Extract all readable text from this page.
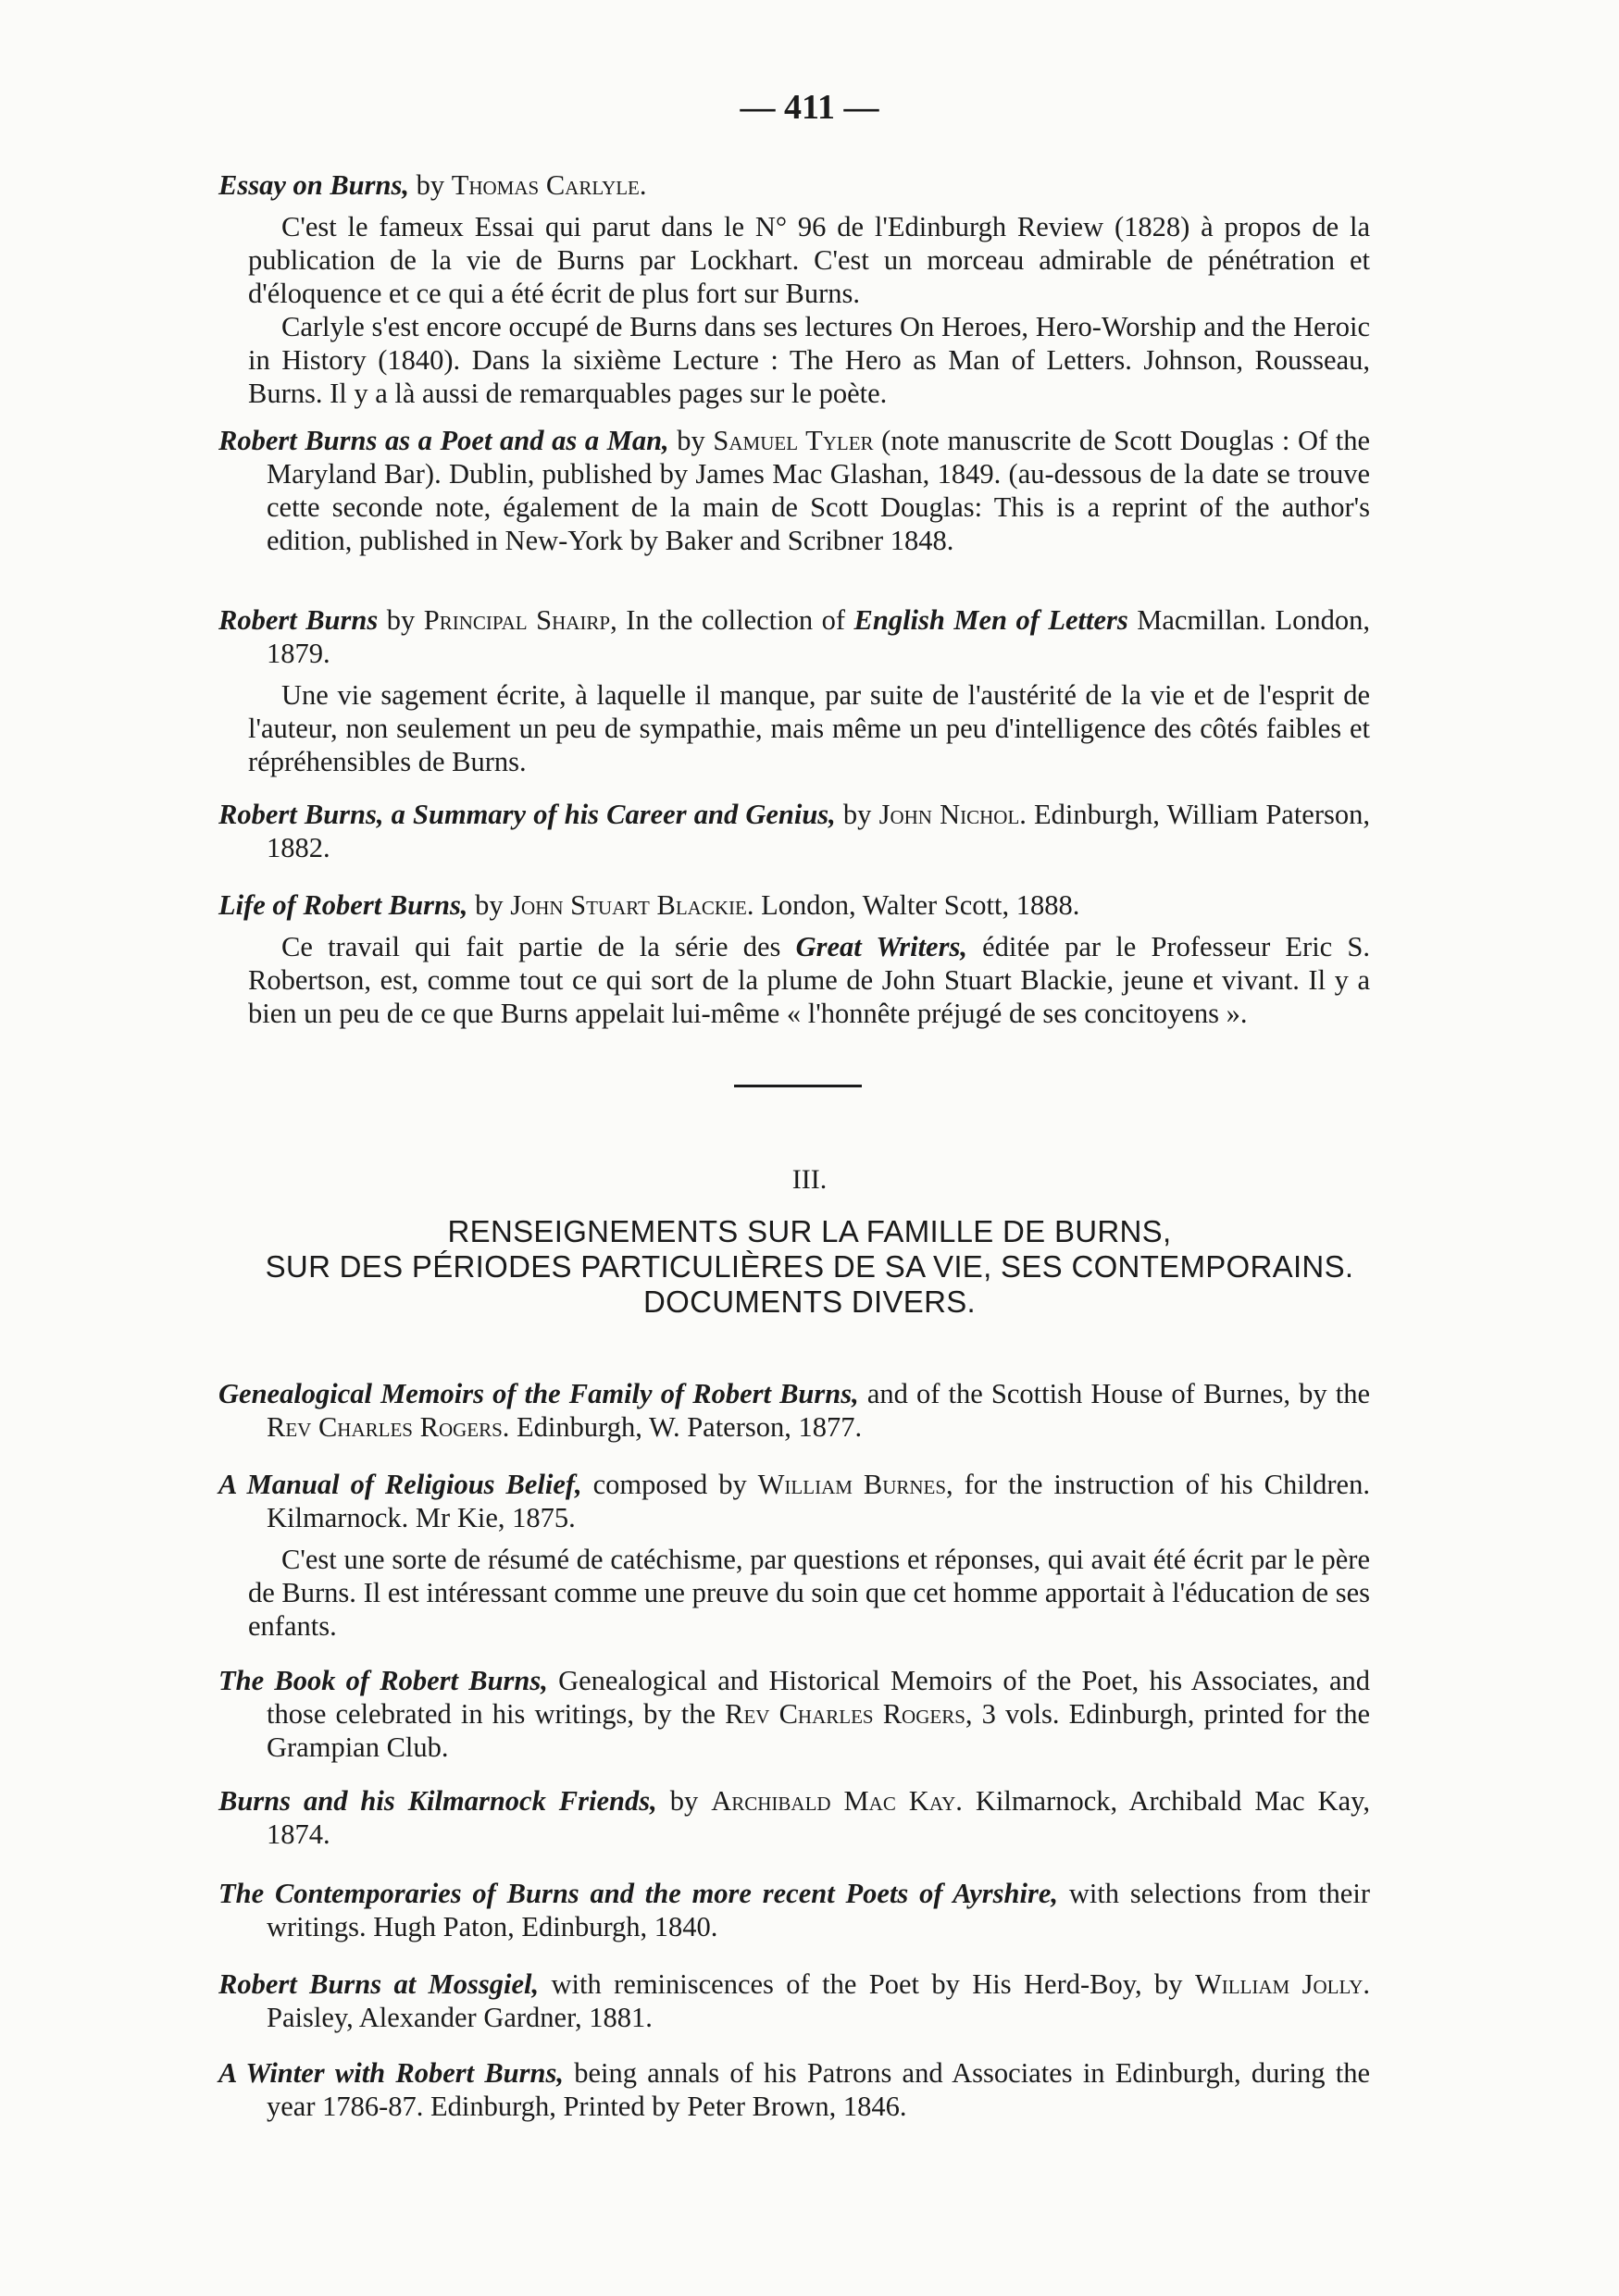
— 411 —

Essay on Burns, by Thomas Carlyle.

C'est le fameux Essai qui parut dans le N° 96 de l'Edinburgh Review (1828) à propos de la publication de la vie de Burns par Lockhart. C'est un morceau admirable de pénétration et d'éloquence et ce qui a été écrit de plus fort sur Burns.

Carlyle s'est encore occupé de Burns dans ses lectures On Heroes, Hero-Worship and the Heroic in History (1840). Dans la sixième Lecture : The Hero as Man of Letters. Johnson, Rousseau, Burns. Il y a là aussi de remarquables pages sur le poète.

Robert Burns as a Poet and as a Man, by Samuel Tyler (note manuscrite de Scott Douglas : Of the Maryland Bar). Dublin, published by James Mac Glashan, 1849. (au-dessous de la date se trouve cette seconde note, également de la main de Scott Douglas: This is a reprint of the author's edition, published in New-York by Baker and Scribner 1848.

Robert Burns by Principal Shairp, In the collection of English Men of Letters Macmillan. London, 1879.

Une vie sagement écrite, à laquelle il manque, par suite de l'austérité de la vie et de l'esprit de l'auteur, non seulement un peu de sympathie, mais même un peu d'intelligence des côtés faibles et répréhensibles de Burns.

Robert Burns, a Summary of his Career and Genius, by John Nichol. Edinburgh, William Paterson, 1882.

Life of Robert Burns, by John Stuart Blackie. London, Walter Scott, 1888.

Ce travail qui fait partie de la série des Great Writers, éditée par le Professeur Eric S. Robertson, est, comme tout ce qui sort de la plume de John Stuart Blackie, jeune et vivant. Il y a bien un peu de ce que Burns appelait lui-même « l'honnête préjugé de ses concitoyens ».

III.
RENSEIGNEMENTS SUR LA FAMILLE DE BURNS,
SUR DES PÉRIODES PARTICULIÈRES DE SA VIE, SES CONTEMPORAINS.
DOCUMENTS DIVERS.

Genealogical Memoirs of the Family of Robert Burns, and of the Scottish House of Burnes, by the Rev Charles Rogers. Edinburgh, W. Paterson, 1877.

A Manual of Religious Belief, composed by William Burnes, for the instruction of his Children. Kilmarnock. Mr Kie, 1875.

C'est une sorte de résumé de catéchisme, par questions et réponses, qui avait été écrit par le père de Burns. Il est intéressant comme une preuve du soin que cet homme apportait à l'éducation de ses enfants.

The Book of Robert Burns, Genealogical and Historical Memoirs of the Poet, his Associates, and those celebrated in his writings, by the Rev Charles Rogers, 3 vols. Edinburgh, printed for the Grampian Club.

Burns and his Kilmarnock Friends, by Archibald Mac Kay. Kilmarnock, Archibald Mac Kay, 1874.

The Contemporaries of Burns and the more recent Poets of Ayrshire, with selections from their writings. Hugh Paton, Edinburgh, 1840.

Robert Burns at Mossgiel, with reminiscences of the Poet by His Herd-Boy, by William Jolly. Paisley, Alexander Gardner, 1881.

A Winter with Robert Burns, being annals of his Patrons and Associates in Edinburgh, during the year 1786-87. Edinburgh, Printed by Peter Brown, 1846.
